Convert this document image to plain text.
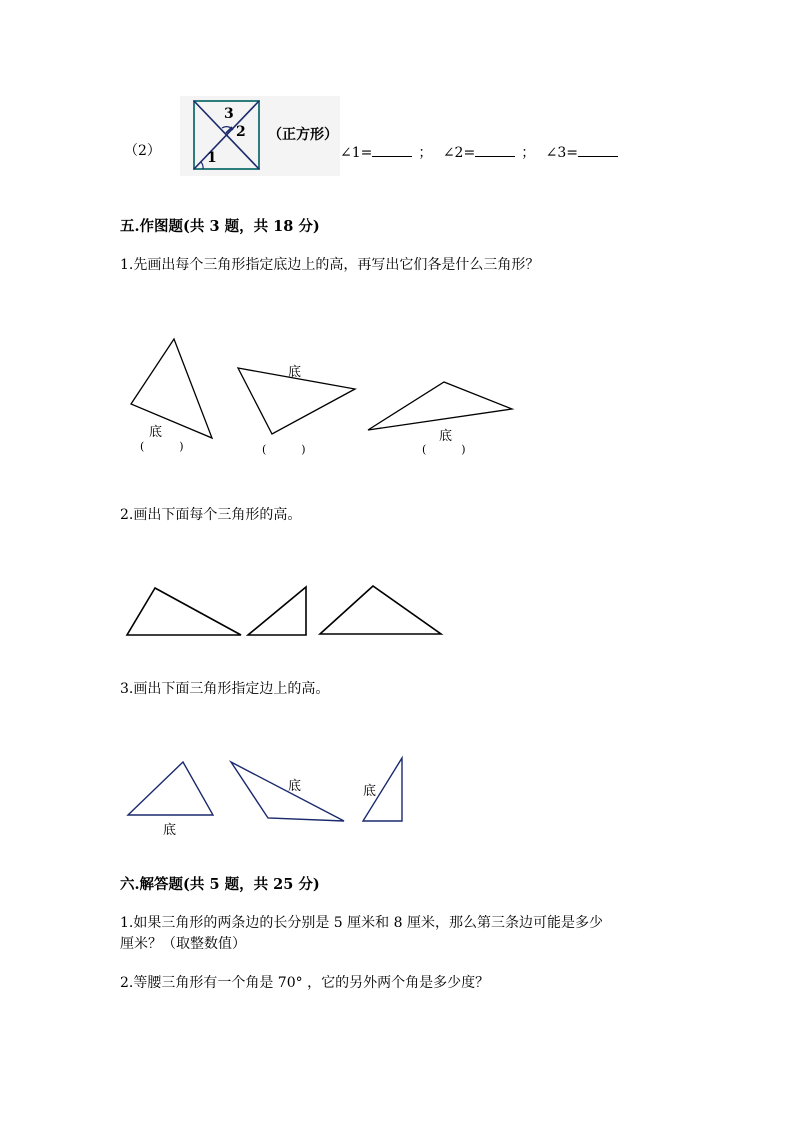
（2）
3
2
1
（正方形）
∠1=	； ∠2=	； ∠3=
五.作图题(共 3 题，共 18 分)
1.先画出每个三角形指定底边上的高，再写出它们各是什么三角形？
底
底
底
(          )	(          )	(          )
2.画出下面每个三角形的高。
3.画出下面三角形指定边上的高。
底
底	底
六.解答题(共 5 题，共 25 分)
1.如果三角形的两条边的长分别是 5 厘米和 8 厘米，那么第三条边可能是多少
厘米？（取整数值）
2.等腰三角形有一个角是 70° ，它的另外两个角是多少度？
